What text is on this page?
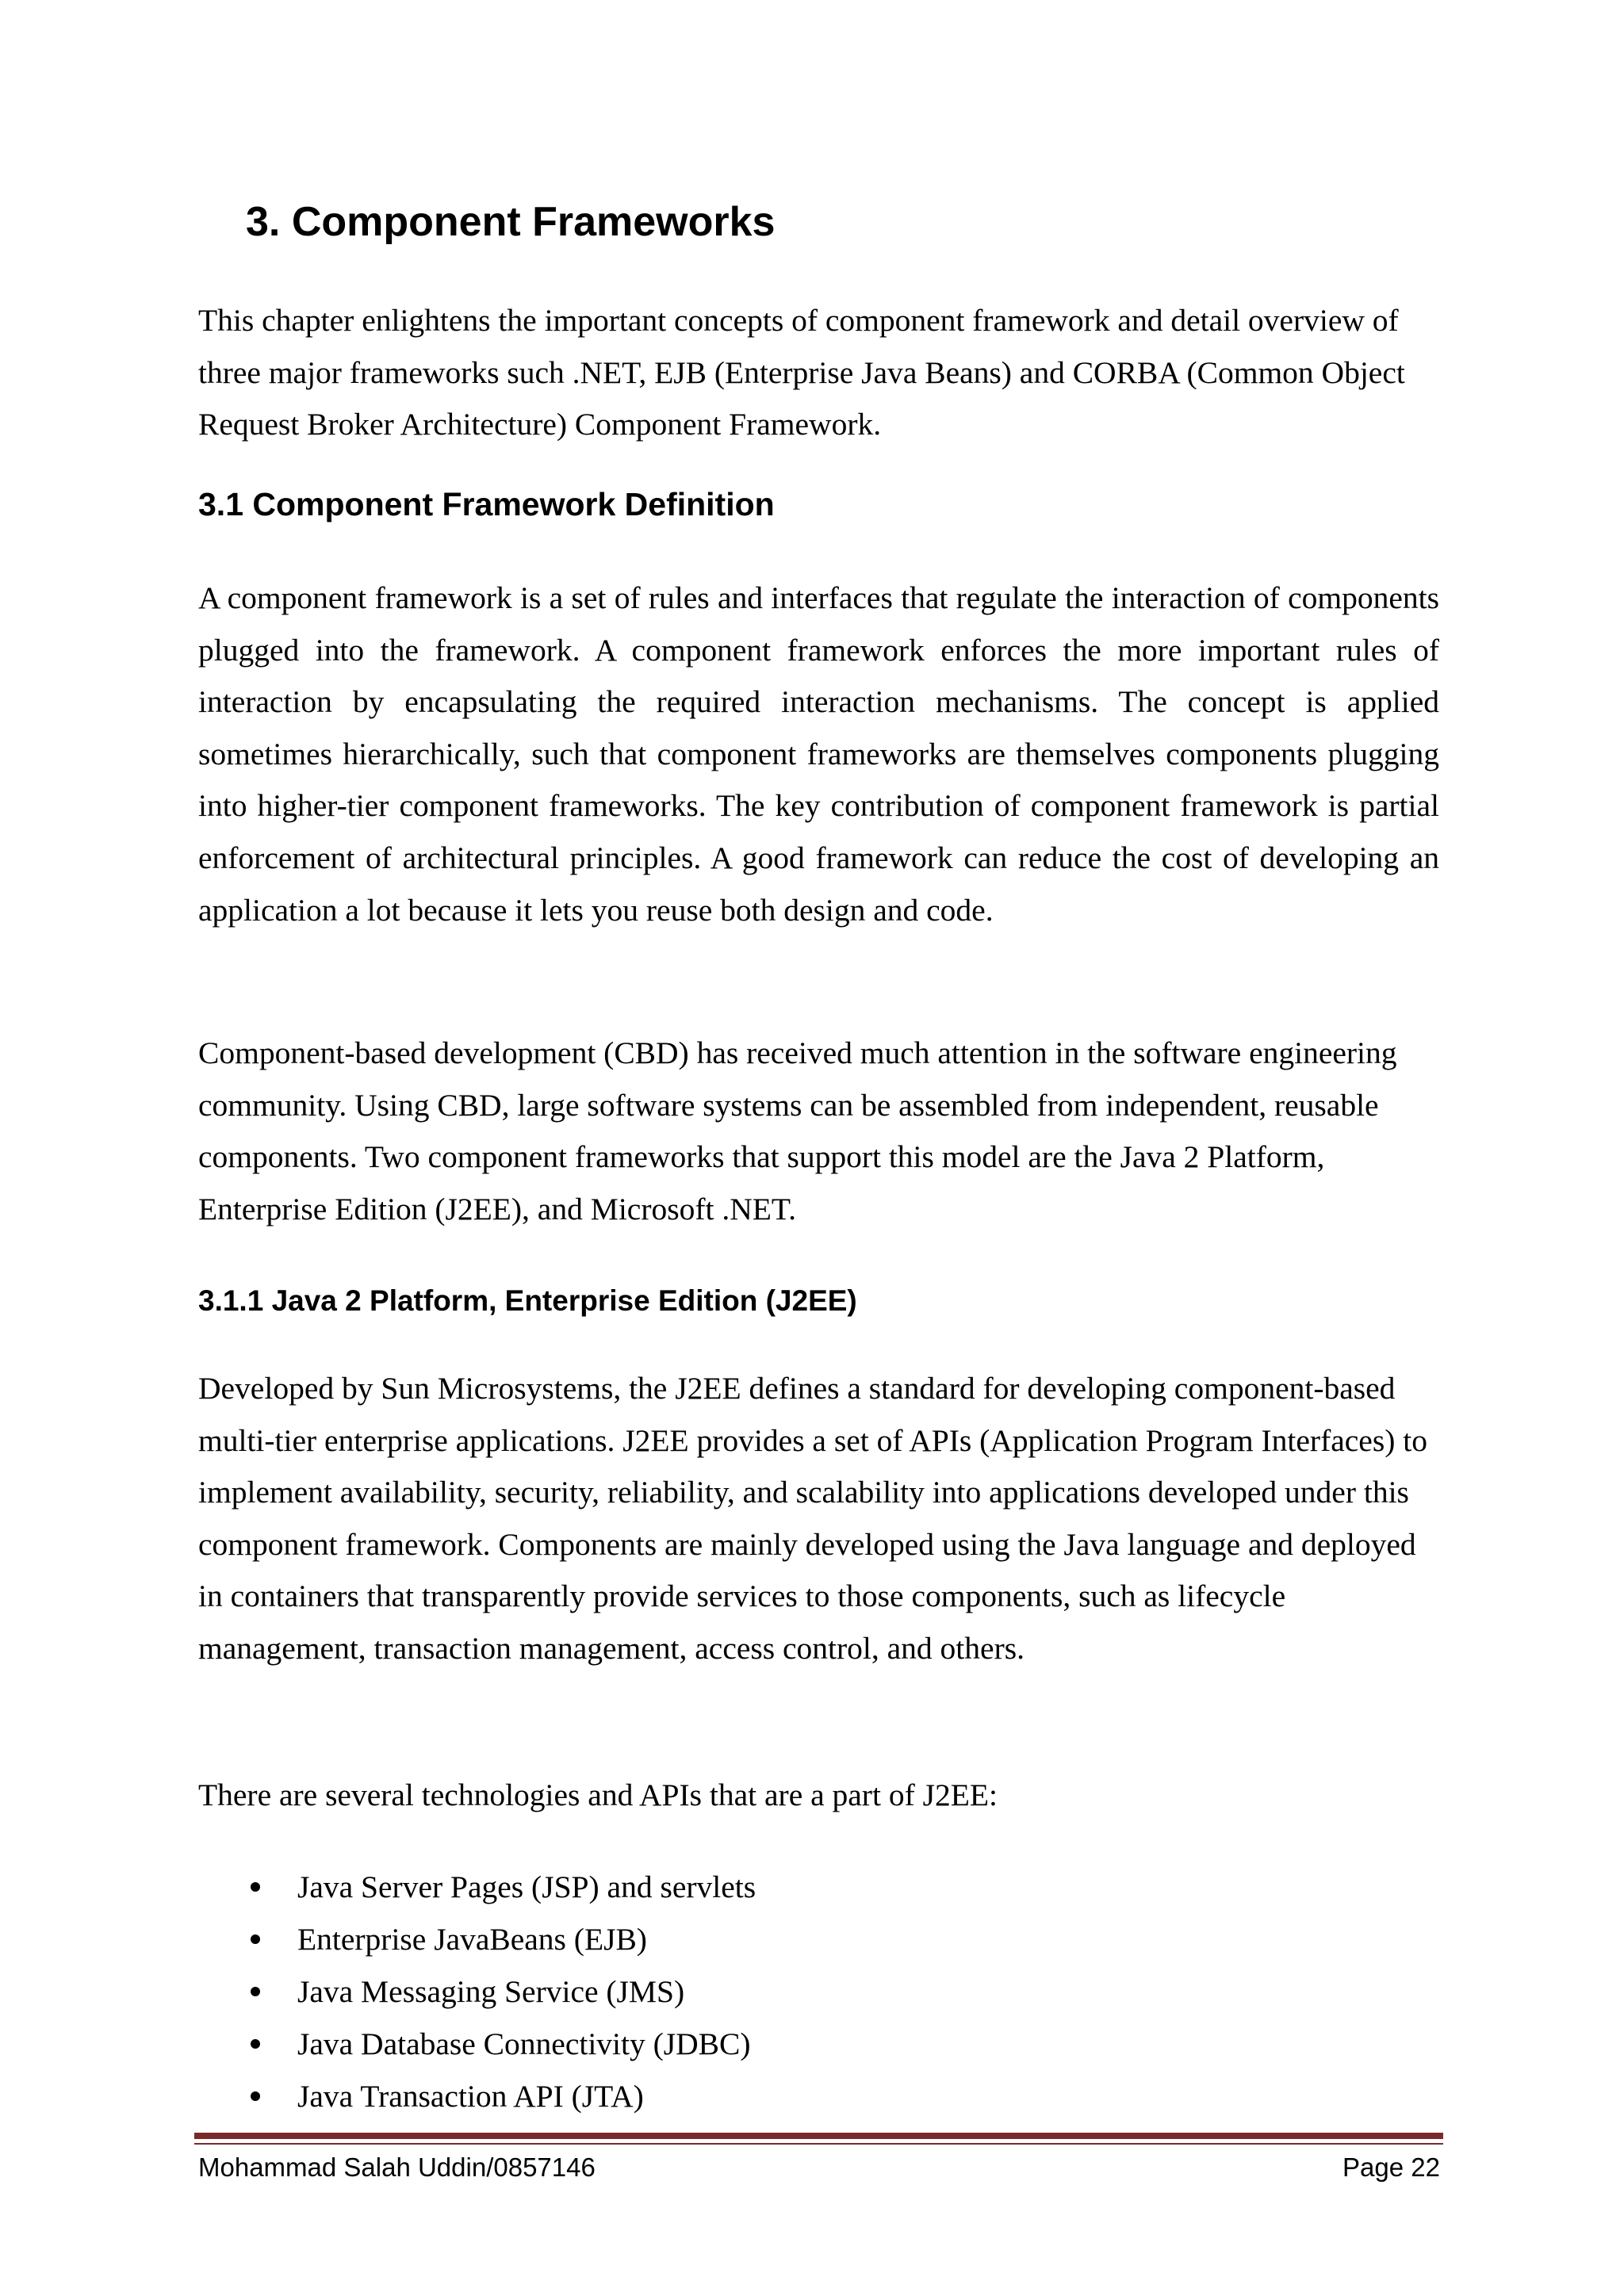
3. Component Frameworks

This chapter enlightens the important concepts of component framework and detail overview of three major frameworks such .NET, EJB (Enterprise Java Beans) and CORBA (Common Object Request Broker Architecture) Component Framework.

3.1 Component Framework Definition

A component framework is a set of rules and interfaces that regulate the interaction of components plugged into the framework. A component framework enforces the more important rules of interaction by encapsulating the required interaction mechanisms. The concept is applied sometimes hierarchically, such that component frameworks are themselves components plugging into higher-tier component frameworks. The key contribution of component framework is partial enforcement of architectural principles. A good framework can reduce the cost of developing an application a lot because it lets you reuse both design and code.

Component-based development (CBD) has received much attention in the software engineering community. Using CBD, large software systems can be assembled from independent, reusable components. Two component frameworks that support this model are the Java 2 Platform, Enterprise Edition (J2EE), and Microsoft .NET.

3.1.1 Java 2 Platform, Enterprise Edition (J2EE)

Developed by Sun Microsystems, the J2EE defines a standard for developing component-based multi-tier enterprise applications. J2EE provides a set of APIs (Application Program Interfaces) to implement availability, security, reliability, and scalability into applications developed under this component framework. Components are mainly developed using the Java language and deployed in containers that transparently provide services to those components, such as lifecycle management, transaction management, access control, and others.

There are several technologies and APIs that are a part of J2EE:

Java Server Pages (JSP) and servlets
Enterprise JavaBeans (EJB)
Java Messaging Service (JMS)
Java Database Connectivity (JDBC)
Java Transaction API (JTA)
Mohammad Salah Uddin/0857146	Page 22
